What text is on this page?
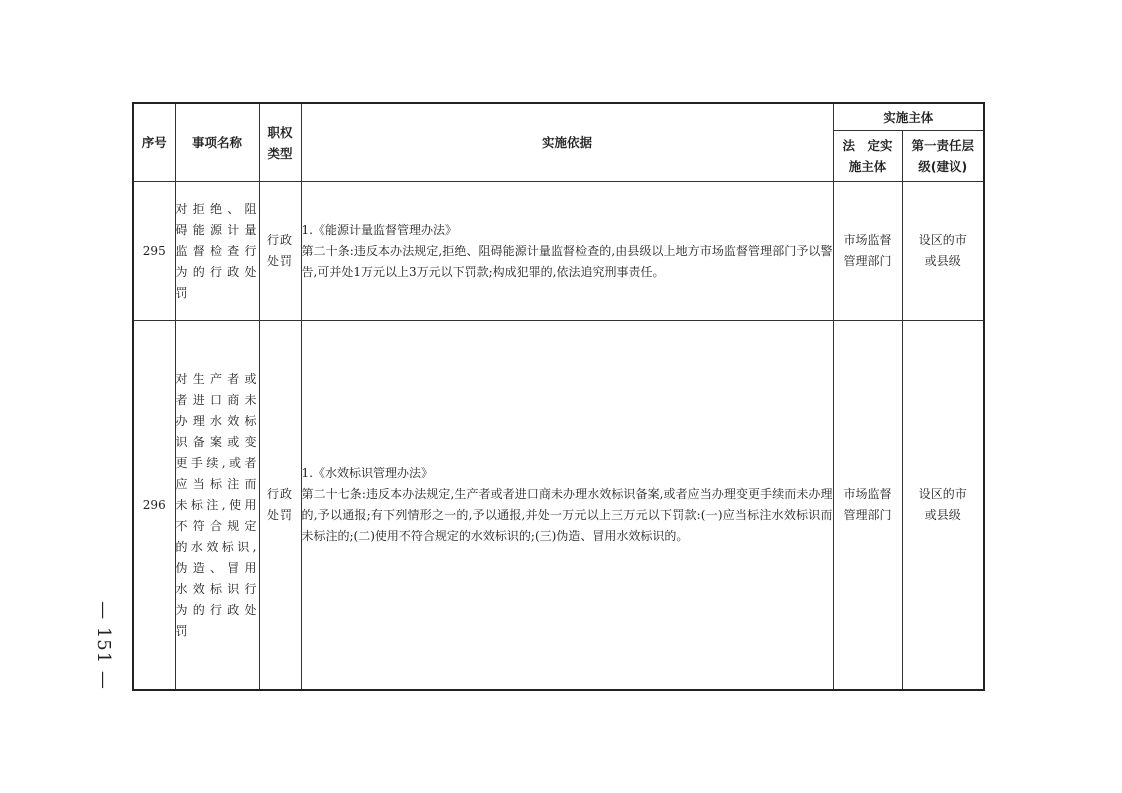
— 151 —
序号	事项名称	职权类型	实施依据	实施主体	
				法　定实施主体	第一责任层级(建议)
295	对拒绝、阻碍能源计量监督检查行为的行政处罚	行政处罚	1.《能源计量监督管理办法》
第二十条:违反本办法规定,拒绝、阻碍能源计量监督检查的,由县级以上地方市场监督管理部门予以警告,可并处1万元以上3万元以下罚款;构成犯罪的,依法追究刑事责任。	市场监督管理部门	设区的市或县级
296	对生产者或者进口商未办理水效标识备案或变更手续,或者应当标注而未标注,使用不符合规定的水效标识,伪造、冒用水效标识行为的行政处罚	行政处罚	1.《水效标识管理办法》
第二十七条:违反本办法规定,生产者或者进口商未办理水效标识备案,或者应当办理变更手续而未办理的,予以通报;有下列情形之一的,予以通报,并处一万元以上三万元以下罚款:(一)应当标注水效标识而未标注的;(二)使用不符合规定的水效标识的;(三)伪造、冒用水效标识的。	市场监督管理部门	设区的市或县级
